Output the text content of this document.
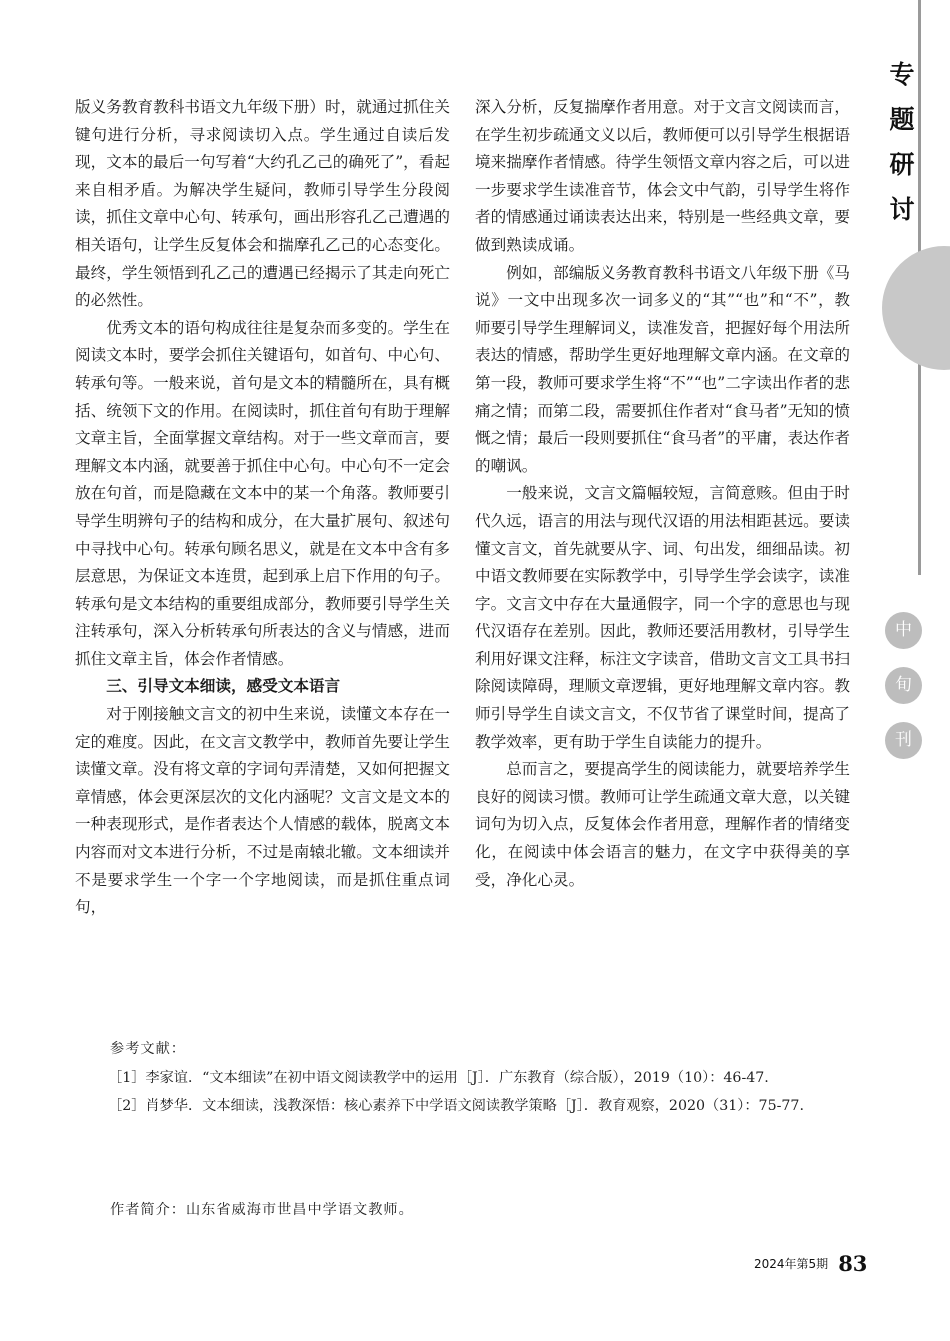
专
题
研
讨
中
旬
刊

版义务教育教科书语文九年级下册）时，就通过抓住关键句进行分析，寻求阅读切入点。学生通过自读后发现，文本的最后一句写着“大约孔乙己的确死了”，看起来自相矛盾。为解决学生疑问，教师引导学生分段阅读，抓住文章中心句、转承句，画出形容孔乙己遭遇的相关语句，让学生反复体会和揣摩孔乙己的心态变化。最终，学生领悟到孔乙己的遭遇已经揭示了其走向死亡的必然性。

优秀文本的语句构成往往是复杂而多变的。学生在阅读文本时，要学会抓住关键语句，如首句、中心句、转承句等。一般来说，首句是文本的精髓所在，具有概括、统领下文的作用。在阅读时，抓住首句有助于理解文章主旨，全面掌握文章结构。对于一些文章而言，要理解文本内涵，就要善于抓住中心句。中心句不一定会放在句首，而是隐藏在文本中的某一个角落。教师要引导学生明辨句子的结构和成分，在大量扩展句、叙述句中寻找中心句。转承句顾名思义，就是在文本中含有多层意思，为保证文本连贯，起到承上启下作用的句子。转承句是文本结构的重要组成部分，教师要引导学生关注转承句，深入分析转承句所表达的含义与情感，进而抓住文章主旨，体会作者情感。

三、引导文本细读，感受文本语言

对于刚接触文言文的初中生来说，读懂文本存在一定的难度。因此，在文言文教学中，教师首先要让学生读懂文章。没有将文章的字词句弄清楚，又如何把握文章情感，体会更深层次的文化内涵呢？文言文是文本的一种表现形式，是作者表达个人情感的载体，脱离文本内容而对文本进行分析，不过是南辕北辙。文本细读并不是要求学生一个字一个字地阅读，而是抓住重点词句，

深入分析，反复揣摩作者用意。对于文言文阅读而言，在学生初步疏通文义以后，教师便可以引导学生根据语境来揣摩作者情感。待学生领悟文章内容之后，可以进一步要求学生读准音节，体会文中气韵，引导学生将作者的情感通过诵读表达出来，特别是一些经典文章，要做到熟读成诵。

例如，部编版义务教育教科书语文八年级下册《马说》一文中出现多次一词多义的“其”“也”和“不”，教师要引导学生理解词义，读准发音，把握好每个用法所表达的情感，帮助学生更好地理解文章内涵。在文章的第一段，教师可要求学生将“不”“也”二字读出作者的悲痛之情；而第二段，需要抓住作者对“食马者”无知的愤慨之情；最后一段则要抓住“食马者”的平庸，表达作者的嘲讽。

一般来说，文言文篇幅较短，言简意赅。但由于时代久远，语言的用法与现代汉语的用法相距甚远。要读懂文言文，首先就要从字、词、句出发，细细品读。初中语文教师要在实际教学中，引导学生学会读字，读准字。文言文中存在大量通假字，同一个字的意思也与现代汉语存在差别。因此，教师还要活用教材，引导学生利用好课文注释，标注文字读音，借助文言文工具书扫除阅读障碍，理顺文章逻辑，更好地理解文章内容。教师引导学生自读文言文，不仅节省了课堂时间，提高了教学效率，更有助于学生自读能力的提升。

总而言之，要提高学生的阅读能力，就要培养学生良好的阅读习惯。教师可让学生疏通文章大意，以关键词句为切入点，反复体会作者用意，理解作者的情绪变化，在阅读中体会语言的魅力，在文字中获得美的享受，净化心灵。

参考文献：

［1］李家谊．“文本细读”在初中语文阅读教学中的运用［J］．广东教育（综合版），2019（10）：46-47.

［2］肖梦华．文本细读，浅教深悟：核心素养下中学语文阅读教学策略［J］．教育观察，2020（31）：75-77.

作者简介：山东省威海市世昌中学语文教师。
2024年第5期 83
